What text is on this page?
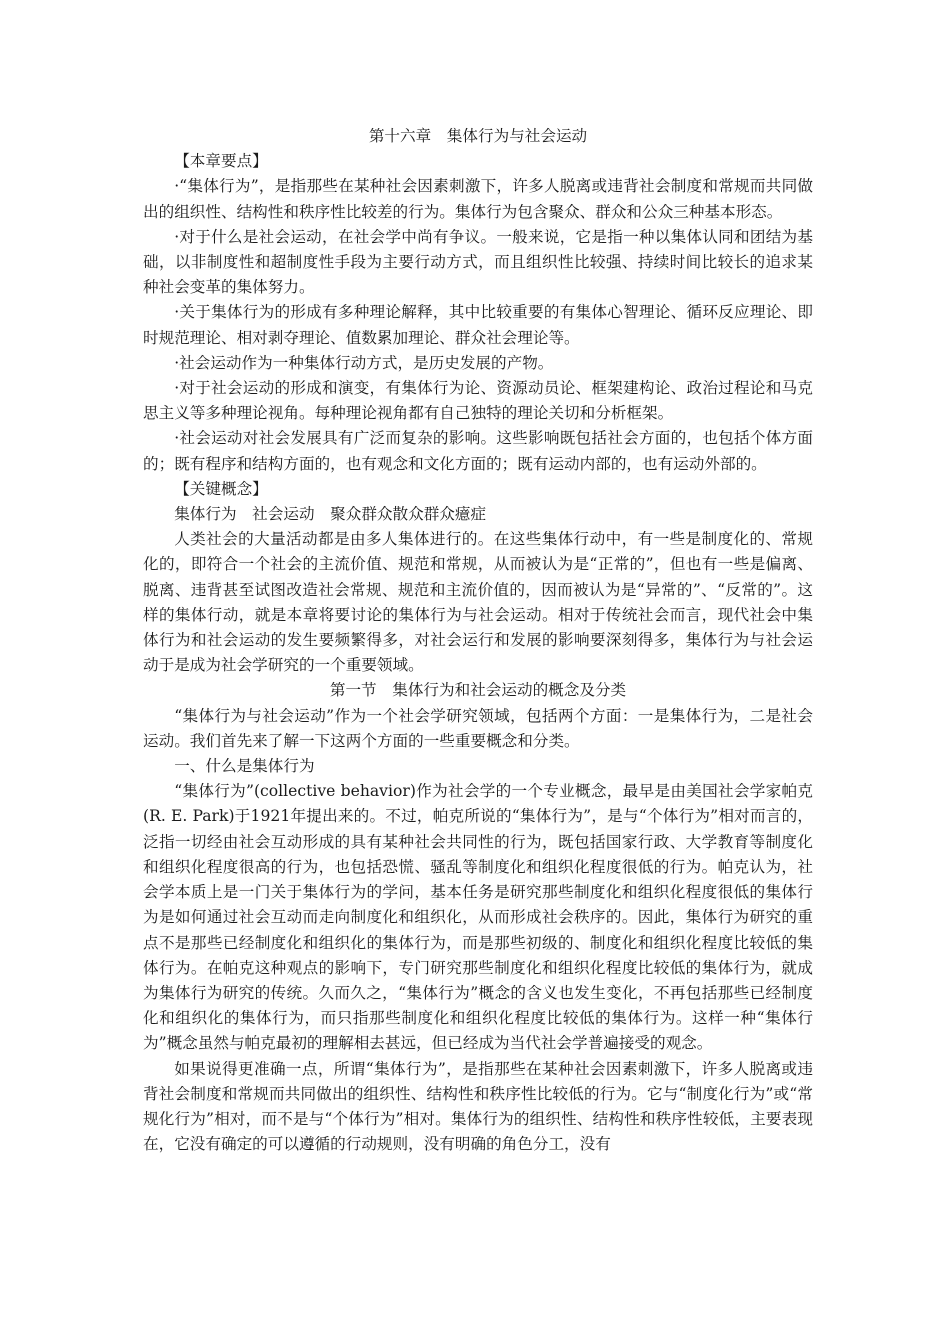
第十六章　集体行为与社会运动

【本章要点】

·“集体行为”，是指那些在某种社会因素刺激下，许多人脱离或违背社会制度和常规而共同做出的组织性、结构性和秩序性比较差的行为。集体行为包含聚众、群众和公众三种基本形态。

·对于什么是社会运动，在社会学中尚有争议。一般来说，它是指一种以集体认同和团结为基础，以非制度性和超制度性手段为主要行动方式，而且组织性比较强、持续时间比较长的追求某种社会变革的集体努力。

·关于集体行为的形成有多种理论解释，其中比较重要的有集体心智理论、循环反应理论、即时规范理论、相对剥夺理论、值数累加理论、群众社会理论等。

·社会运动作为一种集体行动方式，是历史发展的产物。

·对于社会运动的形成和演变，有集体行为论、资源动员论、框架建构论、政治过程论和马克思主义等多种理论视角。每种理论视角都有自己独特的理论关切和分析框架。

·社会运动对社会发展具有广泛而复杂的影响。这些影响既包括社会方面的，也包括个体方面的；既有程序和结构方面的，也有观念和文化方面的；既有运动内部的，也有运动外部的。

【关键概念】

集体行为　社会运动　聚众群众散众群众癔症

人类社会的大量活动都是由多人集体进行的。在这些集体行动中，有一些是制度化的、常规化的，即符合一个社会的主流价值、规范和常规，从而被认为是“正常的”，但也有一些是偏离、脱离、违背甚至试图改造社会常规、规范和主流价值的，因而被认为是“异常的”、“反常的”。这样的集体行动，就是本章将要讨论的集体行为与社会运动。相对于传统社会而言，现代社会中集体行为和社会运动的发生要频繁得多，对社会运行和发展的影响要深刻得多，集体行为与社会运动于是成为社会学研究的一个重要领域。

第一节　集体行为和社会运动的概念及分类

“集体行为与社会运动”作为一个社会学研究领域，包括两个方面：一是集体行为，二是社会运动。我们首先来了解一下这两个方面的一些重要概念和分类。

一、什么是集体行为

“集体行为”(collective behavior)作为社会学的一个专业概念，最早是由美国社会学家帕克(R. E. Park)于1921年提出来的。不过，帕克所说的“集体行为”，是与“个体行为”相对而言的，泛指一切经由社会互动形成的具有某种社会共同性的行为，既包括国家行政、大学教育等制度化和组织化程度很高的行为，也包括恐慌、骚乱等制度化和组织化程度很低的行为。帕克认为，社会学本质上是一门关于集体行为的学问，基本任务是研究那些制度化和组织化程度很低的集体行为是如何通过社会互动而走向制度化和组织化，从而形成社会秩序的。因此，集体行为研究的重点不是那些已经制度化和组织化的集体行为，而是那些初级的、制度化和组织化程度比较低的集体行为。在帕克这种观点的影响下，专门研究那些制度化和组织化程度比较低的集体行为，就成为集体行为研究的传统。久而久之，“集体行为”概念的含义也发生变化，不再包括那些已经制度化和组织化的集体行为，而只指那些制度化和组织化程度比较低的集体行为。这样一种“集体行为”概念虽然与帕克最初的理解相去甚远，但已经成为当代社会学普遍接受的观念。

如果说得更准确一点，所谓“集体行为”，是指那些在某种社会因素刺激下，许多人脱离或违背社会制度和常规而共同做出的组织性、结构性和秩序性比较低的行为。它与“制度化行为”或“常规化行为”相对，而不是与“个体行为”相对。集体行为的组织性、结构性和秩序性较低，主要表现在，它没有确定的可以遵循的行动规则，没有明确的角色分工，没有
